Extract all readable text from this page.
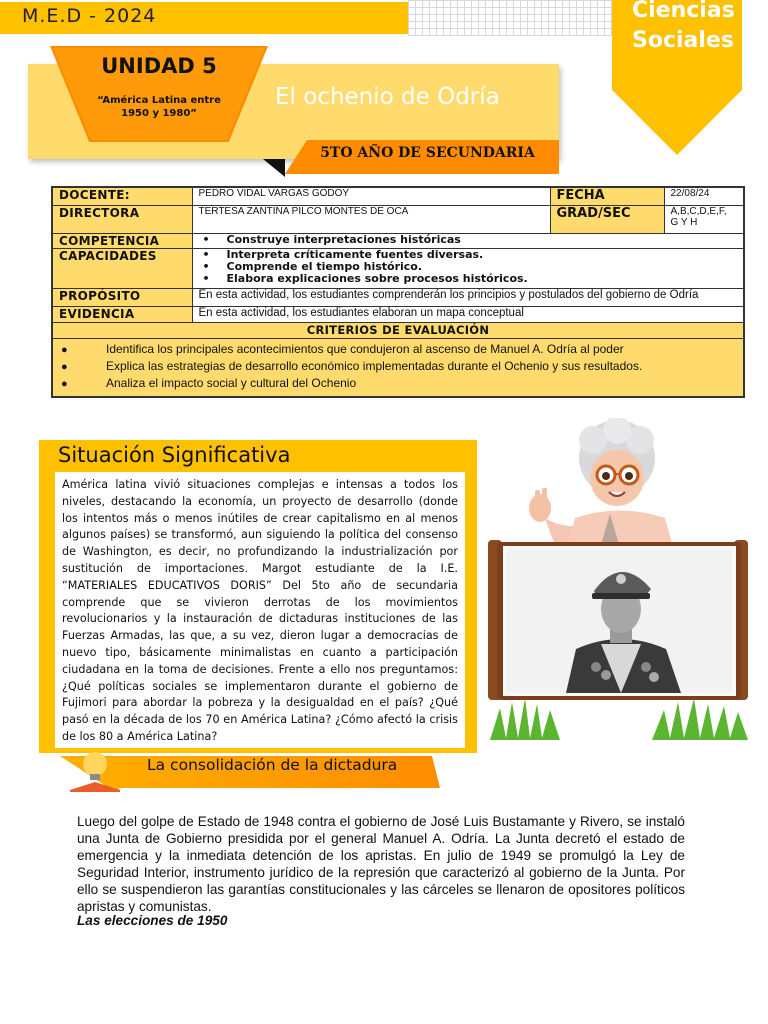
M.E.D - 2024	Ciencias Sociales
El ochenio de Odría
UNIDAD 5
“América Latina entre 1950 y 1980”
5TO AÑO DE SECUNDARIA
DOCENTE:	PEDRO VIDAL VARGAS GODOY	FECHA	22/08/24
DIRECTORA	TERTESA ZANTINA PILCO MONTES DE OCA	GRAD/SEC	A,B,C,D,E,F, G Y H
COMPETENCIA	• Construye interpretaciones históricas

CAPACIDADES	• Interpreta críticamente fuentes diversas.
• Comprende el tiempo histórico.
• Elabora explicaciones sobre procesos históricos.

PROPÓSITO	En esta actividad, los estudiantes comprenderán los principios y postulados del gobierno de Odría		
EVIDENCIA	En esta actividad, los estudiantes elaboran un mapa conceptual		
CRITERIOS DE EVALUACIÓN			

● Identifica los principales acontecimientos que condujeron al ascenso de Manuel A. Odría al poder
● Explica las estrategias de desarrollo económico implementadas durante el Ochenio y sus resultados.
● Analiza el impacto social y cultural del Ochenio
Situación Significativa
América latina vivió situaciones complejas e intensas a todos los niveles, destacando la economía, un proyecto de desarrollo (donde los intentos más o menos inútiles de crear capitalismo en al menos algunos países) se transformó, aun siguiendo la política del consenso de Washington, es decir, no profundizando la industrialización por sustitución de importaciones. Margot estudiante de la I.E. “MATERIALES EDUCATIVOS DORIS” Del 5to año de secundaria comprende que se vivieron derrotas de los movimientos revolucionarios y la instauración de dictaduras instituciones de las Fuerzas Armadas, las que, a su vez, dieron lugar a democracias de nuevo tipo, básicamente minimalistas en cuanto a participación ciudadana en la toma de decisiones. Frente a ello nos preguntamos: ¿Qué políticas sociales se implementaron durante el gobierno de Fujimori para abordar la pobreza y la desigualdad en el país? ¿Qué pasó en la década de los 70 en América Latina? ¿Cómo afectó la crisis de los 80 a América Latina?
La consolidación de la dictadura
Luego del golpe de Estado de 1948 contra el gobierno de José Luis Bustamante y Rivero, se instaló una Junta de Gobierno presidida por el general Manuel A. Odría. La Junta decretó el estado de emergencia y la inmediata detención de los apristas. En julio de 1949 se promulgó la Ley de Seguridad Interior, instrumento jurídico de la represión que caracterizó al gobierno de la Junta. Por ello se suspendieron las garantías constitucionales y las cárceles se llenaron de opositores políticos apristas y comunistas.
Las elecciones de 1950
